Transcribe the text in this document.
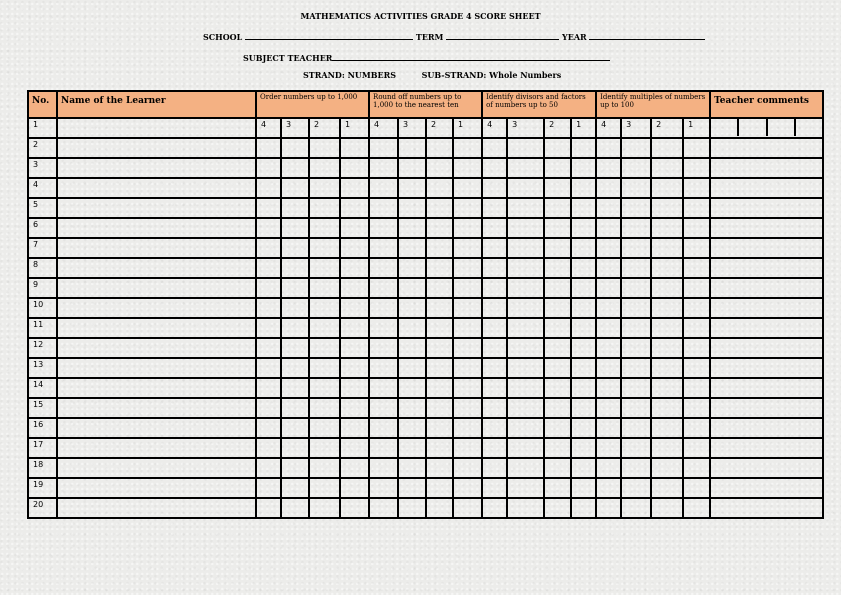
MATHEMATICS ACTIVITIES GRADE 4 SCORE SHEET
SCHOOL	TERM	YEAR
SUBJECT TEACHER
STRAND: NUMBERS	SUB-STRAND: Whole Numbers
No.	Name of the Learner	Order numbers up to 1,000				Round off numbers up to 1,000 to the nearest ten				Identify divisors and factors of numbers up to 50				Identify multiples of numbers up to 100				Teacher comments
1		4	3	2	1	4	3	2	1	4	3	2	1	4	3	2	1	

2																		
3																		
4																		
5																		
6																		
7																		
8																		
9																		
10																		
11																		
12																		
13																		
14																		
15																		
16																		
17																		
18																		
19																		
20																		
